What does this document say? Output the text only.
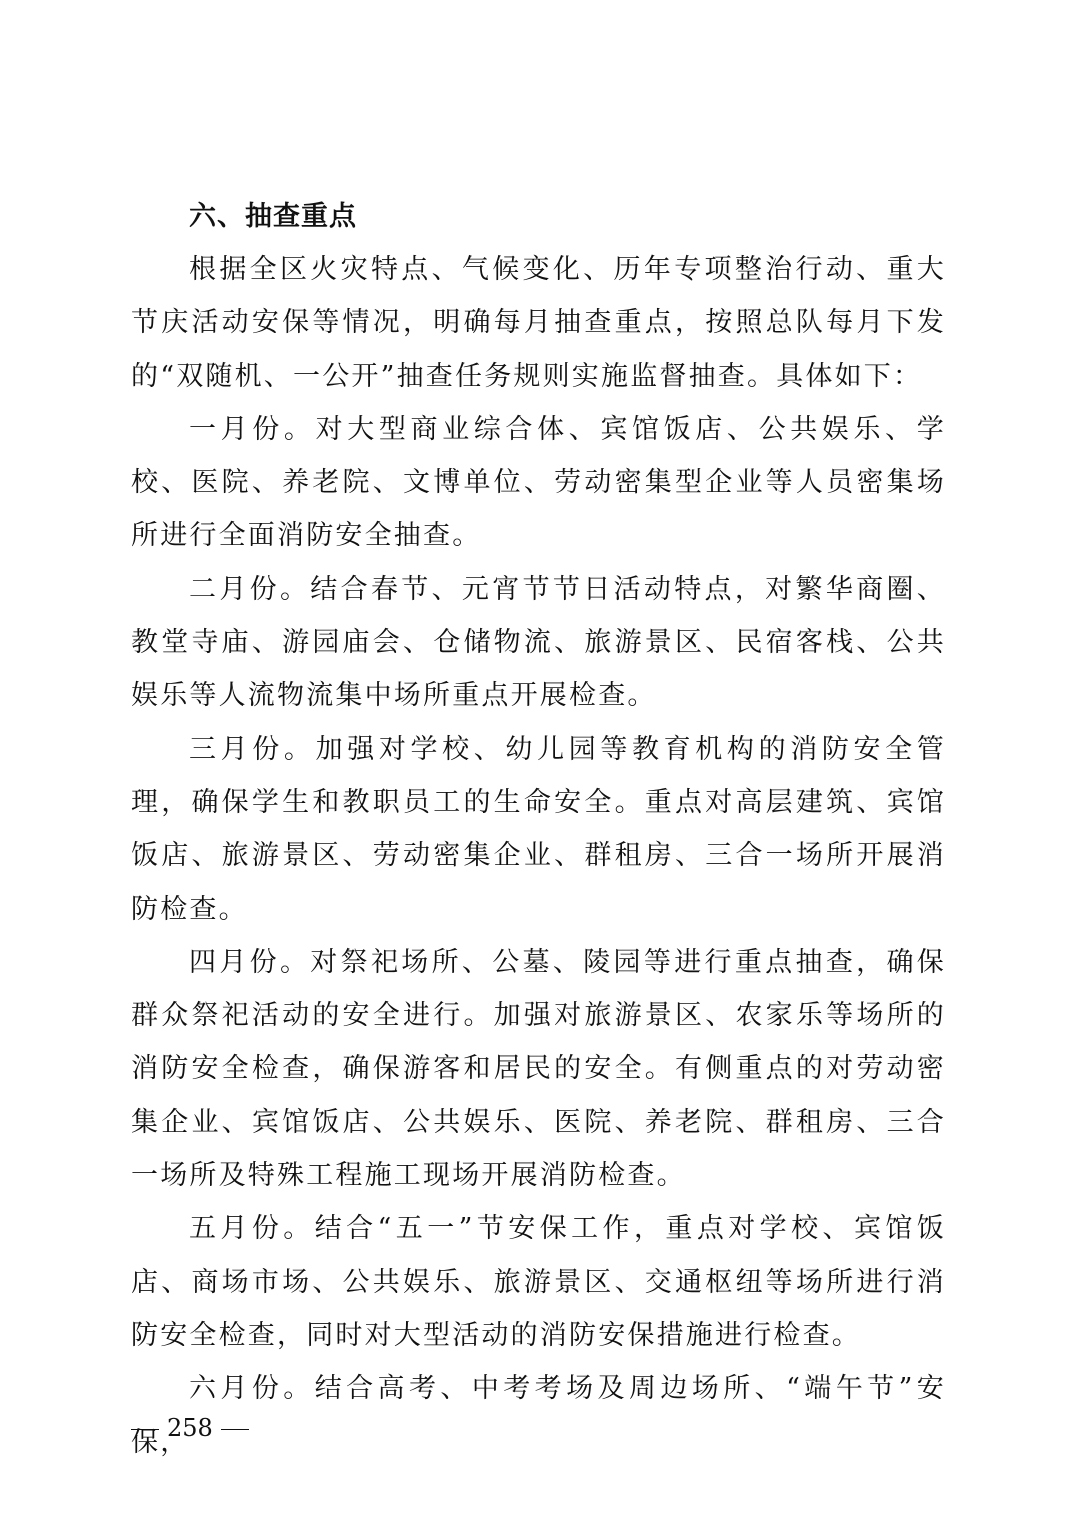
六、抽查重点

根据全区火灾特点、气候变化、历年专项整治行动、重大节庆活动安保等情况，明确每月抽查重点，按照总队每月下发的“双随机、一公开”抽查任务规则实施监督抽查。具体如下：

一月份。对大型商业综合体、宾馆饭店、公共娱乐、学校、医院、养老院、文博单位、劳动密集型企业等人员密集场所进行全面消防安全抽查。

二月份。结合春节、元宵节节日活动特点，对繁华商圈、教堂寺庙、游园庙会、仓储物流、旅游景区、民宿客栈、公共娱乐等人流物流集中场所重点开展检查。

三月份。加强对学校、幼儿园等教育机构的消防安全管理，确保学生和教职员工的生命安全。重点对高层建筑、宾馆饭店、旅游景区、劳动密集企业、群租房、三合一场所开展消防检查。

四月份。对祭祀场所、公墓、陵园等进行重点抽查，确保群众祭祀活动的安全进行。加强对旅游景区、农家乐等场所的消防安全检查，确保游客和居民的安全。有侧重点的对劳动密集企业、宾馆饭店、公共娱乐、医院、养老院、群租房、三合一场所及特殊工程施工现场开展消防检查。

五月份。结合“五一”节安保工作，重点对学校、宾馆饭店、商场市场、公共娱乐、旅游景区、交通枢纽等场所进行消防安全检查，同时对大型活动的消防安保措施进行检查。

六月份。结合高考、中考考场及周边场所、“端午节”安保，

258
